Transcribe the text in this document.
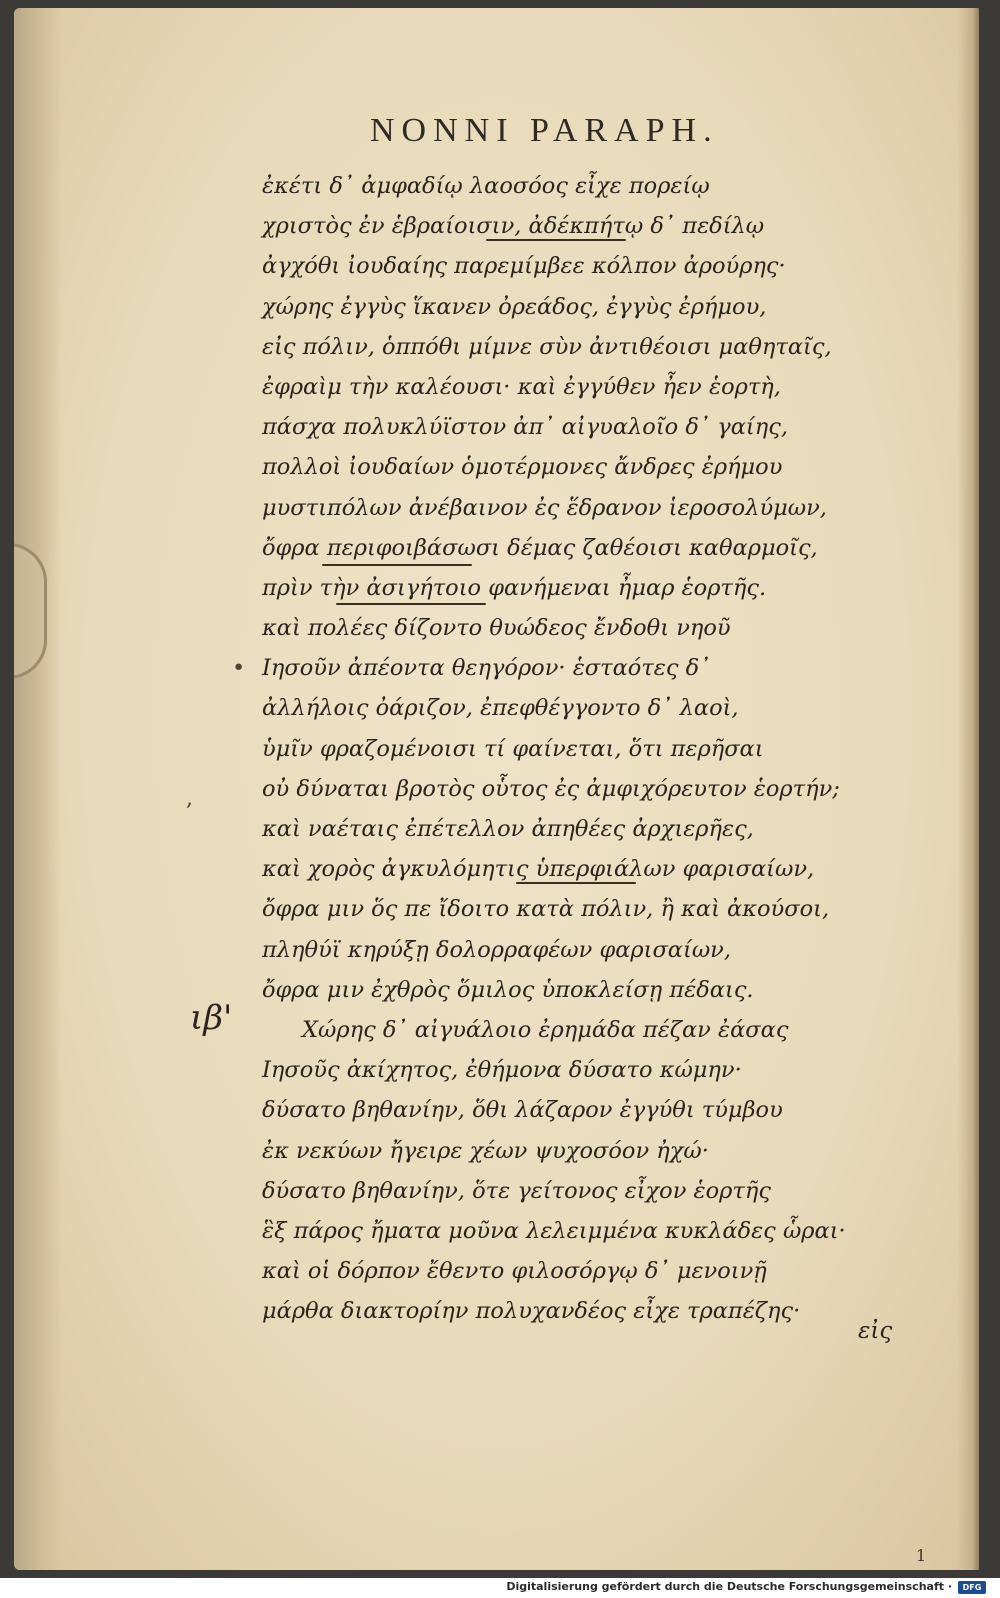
NONNI PARAPH.
ἐκέτι δ᾽ ἀμφαδίῳ λαοσόος εἶχε πορείῳ
χριστὸς ἐν ἑβραίοισιν, ἀδέκπήτῳ δ᾽ πεδίλῳ
ἀγχόθι ἰουδαίης παρεμίμβεε κόλπον ἀρούρης·
χώρης ἐγγὺς ἵκανεν ὀρεάδος, ἐγγὺς ἐρήμου,
εἰς πόλιν, ὁππόθι μίμνε σὺν ἀντιθέοισι μαθηταῖς,
ἐφραὶμ τὴν καλέουσι· καὶ ἐγγύθεν ἦεν ἑορτὴ,
πάσχα πολυκλύϊστον ἀπ᾽ αἰγυαλοῖο δ᾽ γαίης,
πολλοὶ ἰουδαίων ὁμοτέρμονες ἄνδρες ἐρήμου
μυστιπόλων ἀνέβαινον ἐς ἕδρανον ἱεροσολύμων,
ὄφρα περιφοιβάσωσι δέμας ζαθέοισι καθαρμοῖς,
πρὶν τὴν ἀσιγήτοιο φανήμεναι ἦμαρ ἑορτῆς.
καὶ πολέες δίζοντο θυώδεος ἔνδοθι νηοῦ
• Ιησοῦν ἀπέοντα θεηγόρον· ἑσταότες δ᾽
ἀλλήλοις ὀάριζον, ἐπεφθέγγοντο δ᾽ λαοὶ,
ὑμῖν φραζομένοισι τί φαίνεται, ὅτι περῆσαι
οὐ δύναται βροτὸς οὗτος ἐς ἀμφιχόρευτον ἑορτήν;
καὶ ναέταις ἐπέτελλον ἀπηθέες ἀρχιερῆες,
καὶ χορὸς ἀγκυλόμητις ὑπερφιάλων φαρισαίων,
ὄφρα μιν ὅς πε ἴδοιτο κατὰ πόλιν, ἢ καὶ ἀκούσοι,
πληθύϊ κηρύξῃ δολορραφέων φαρισαίων,
ὄφρα μιν ἐχθρὸς ὅμιλος ὑποκλείσῃ πέδαις.
Χώρης δ᾽ αἰγυάλοιο ἐρημάδα πέζαν ἐάσας
Ιησοῦς ἀκίχητος, ἐθήμονα δύσατο κώμην·
δύσατο βηθανίην, ὅθι λάζαρον ἐγγύθι τύμβου
ἐκ νεκύων ἤγειρε χέων ψυχοσόον ἠχώ·
δύσατο βηθανίην, ὅτε γείτονος εἶχον ἑορτῆς
ἓξ πάρος ἤματα μοῦνα λελειμμένα κυκλάδες ὧραι·
καὶ οἱ δόρπον ἔθεντο φιλοσόργῳ δ᾽ μενοινῇ
μάρθα διακτορίην πολυχανδέος εἶχε τραπέζης·
,
ιβ'
εἰς
1
Digitalisierung gefördert durch die Deutsche Forschungsgemeinschaft ·	DFG
